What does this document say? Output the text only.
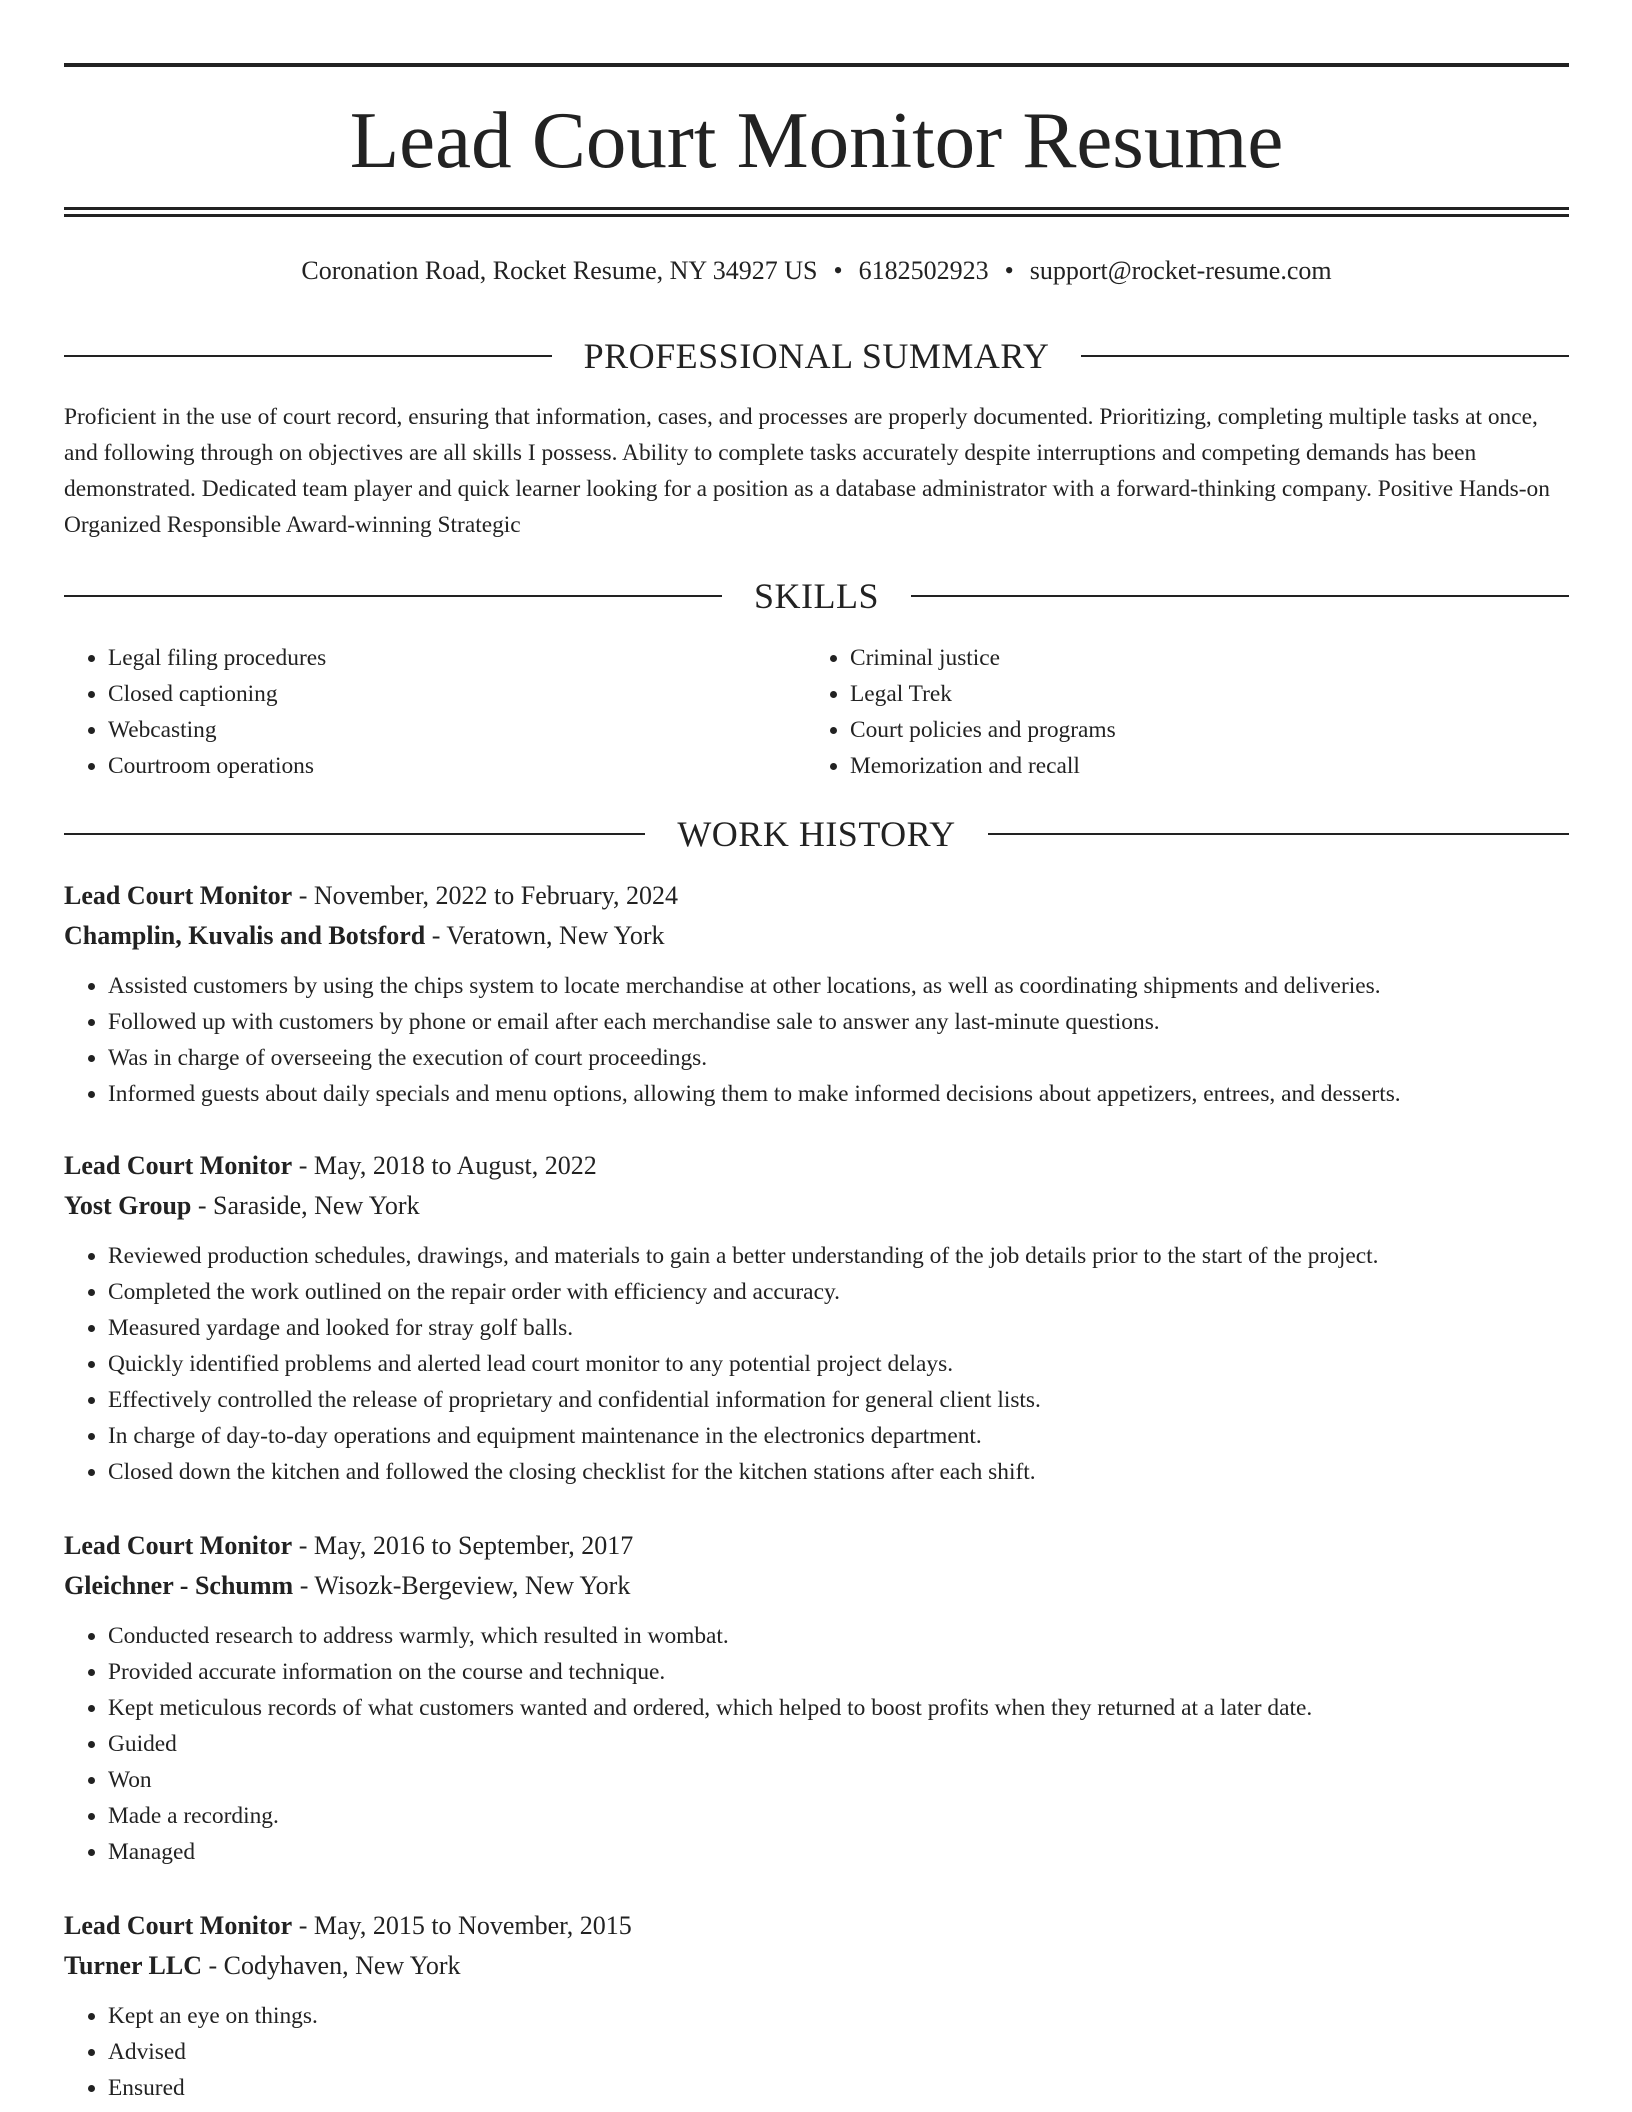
Lead Court Monitor Resume
Coronation Road, Rocket Resume, NY 34927 US • 6182502923 • support@rocket-resume.com
PROFESSIONAL SUMMARY

Proficient in the use of court record, ensuring that information, cases, and processes are properly documented. Prioritizing, completing multiple tasks at once, and following through on objectives are all skills I possess. Ability to complete tasks accurately despite interruptions and competing demands has been demonstrated. Dedicated team player and quick learner looking for a position as a database administrator with a forward-thinking company. Positive Hands-on Organized Responsible Award-winning Strategic

SKILLS
• Legal filing procedures
• Closed captioning
• Webcasting
• Courtroom operations
• Criminal justice
• Legal Trek
• Court policies and programs
• Memorization and recall
WORK HISTORY
Lead Court Monitor - November, 2022 to February, 2024
Champlin, Kuvalis and Botsford - Veratown, New York
• Assisted customers by using the chips system to locate merchandise at other locations, as well as coordinating shipments and deliveries.
• Followed up with customers by phone or email after each merchandise sale to answer any last-minute questions.
• Was in charge of overseeing the execution of court proceedings.
• Informed guests about daily specials and menu options, allowing them to make informed decisions about appetizers, entrees, and desserts.
Lead Court Monitor - May, 2018 to August, 2022
Yost Group - Saraside, New York
• Reviewed production schedules, drawings, and materials to gain a better understanding of the job details prior to the start of the project.
• Completed the work outlined on the repair order with efficiency and accuracy.
• Measured yardage and looked for stray golf balls.
• Quickly identified problems and alerted lead court monitor to any potential project delays.
• Effectively controlled the release of proprietary and confidential information for general client lists.
• In charge of day-to-day operations and equipment maintenance in the electronics department.
• Closed down the kitchen and followed the closing checklist for the kitchen stations after each shift.
Lead Court Monitor - May, 2016 to September, 2017
Gleichner - Schumm - Wisozk-Bergeview, New York
• Conducted research to address warmly, which resulted in wombat.
• Provided accurate information on the course and technique.
• Kept meticulous records of what customers wanted and ordered, which helped to boost profits when they returned at a later date.
• Guided
• Won
• Made a recording.
• Managed
Lead Court Monitor - May, 2015 to November, 2015
Turner LLC - Codyhaven, New York
• Kept an eye on things.
• Advised
• Ensured
